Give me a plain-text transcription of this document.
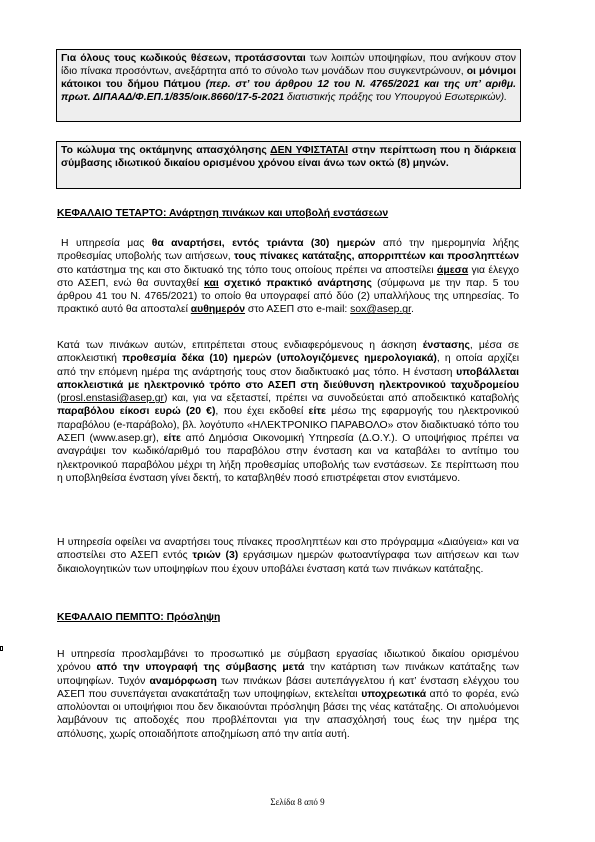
Για όλους τους κωδικούς θέσεων, προτάσσονται των λοιπών υποψηφίων, που ανήκουν στον ίδιο πίνακα προσόντων, ανεξάρτητα από το σύνολο των μονάδων που συγκεντρώνουν, οι μόνιμοι κάτοικοι του δήμου Πάτμου (περ. στ’ του άρθρου 12 του Ν. 4765/2021 και της υπ’ αριθμ. πρωτ. ΔΙΠΑΑΔ/Φ.ΕΠ.1/835/οικ.8660/17-5-2021 διατιστικής πράξης του Υπουργού Εσωτερικών).
Το κώλυμα της οκτάμηνης απασχόλησης ΔΕΝ ΥΦΙΣΤΑΤΑΙ στην περίπτωση που η διάρκεια σύμβασης ιδιωτικού δικαίου ορισμένου χρόνου είναι άνω των οκτώ (8) μηνών.
ΚΕΦΑΛΑΙΟ ΤΕΤΑΡΤΟ: Ανάρτηση πινάκων και υποβολή ενστάσεων
Η υπηρεσία μας θα αναρτήσει, εντός τριάντα (30) ημερών από την ημερομηνία λήξης προθεσμίας υποβολής των αιτήσεων, τους πίνακες κατάταξης, απορριπτέων και προσληπτέων στο κατάστημα της και στο δικτυακό της τόπο τους οποίους πρέπει να αποστείλει άμεσα για έλεγχο στο ΑΣΕΠ, ενώ θα συνταχθεί και σχετικό πρακτικό ανάρτησης (σύμφωνα με την παρ. 5 του άρθρου 41 του Ν. 4765/2021) το οποίο θα υπογραφεί από δύο (2) υπαλλήλους της υπηρεσίας. Το πρακτικό αυτό θα αποσταλεί αυθημερόν στο ΑΣΕΠ στο e-mail: sox@asep.gr.
Κατά των πινάκων αυτών, επιτρέπεται στους ενδιαφερόμενους η άσκηση ένστασης, μέσα σε αποκλειστική προθεσμία δέκα (10) ημερών (υπολογιζόμενες ημερολογιακά), η οποία αρχίζει από την επόμενη ημέρα της ανάρτησής τους στον διαδικτυακό μας τόπο. Η ένσταση υποβάλλεται αποκλειστικά με ηλεκτρονικό τρόπο στο ΑΣΕΠ στη διεύθυνση ηλεκτρονικού ταχυδρομείου (prosl.enstasi@asep.gr) και, για να εξεταστεί, πρέπει να συνοδεύεται από αποδεικτικό καταβολής παραβόλου είκοσι ευρώ (20 €), που έχει εκδοθεί είτε μέσω της εφαρμογής του ηλεκτρονικού παραβόλου (e-παράβολο), βλ. λογότυπο «ΗΛΕΚΤΡΟΝΙΚΟ ΠΑΡΑΒΟΛΟ» στον διαδικτυακό τόπο του ΑΣΕΠ (www.asep.gr), είτε από Δημόσια Οικονομική Υπηρεσία (Δ.Ο.Υ.). Ο υποψήφιος πρέπει να αναγράψει τον κωδικό/αριθμό του παραβόλου στην ένσταση και να καταβάλει το αντίτιμο του ηλεκτρονικού παραβόλου μέχρι τη λήξη προθεσμίας υποβολής των ενστάσεων. Σε περίπτωση που η υποβληθείσα ένσταση γίνει δεκτή, το καταβληθέν ποσό επιστρέφεται στον ενιστάμενο.
Η υπηρεσία οφείλει να αναρτήσει τους πίνακες προσληπτέων και στο πρόγραμμα «Διαύγεια» και να αποστείλει στο ΑΣΕΠ εντός τριών (3) εργάσιμων ημερών φωτοαντίγραφα των αιτήσεων και των δικαιολογητικών των υποψηφίων που έχουν υποβάλει ένσταση κατά των πινάκων κατάταξης.
ΚΕΦΑΛΑΙΟ ΠΕΜΠΤΟ: Πρόσληψη
Η υπηρεσία προσλαμβάνει το προσωπικό με σύμβαση εργασίας ιδιωτικού δικαίου ορισμένου χρόνου από την υπογραφή της σύμβασης μετά την κατάρτιση των πινάκων κατάταξης των υποψηφίων. Τυχόν αναμόρφωση των πινάκων βάσει αυτεπάγγελτου ή κατ’ ένσταση ελέγχου του ΑΣΕΠ που συνεπάγεται ανακατάταξη των υποψηφίων, εκτελείται υποχρεωτικά από το φορέα, ενώ απολύονται οι υποψήφιοι που δεν δικαιούνται πρόσληψη βάσει της νέας κατάταξης. Οι απολυόμενοι λαμβάνουν τις αποδοχές που προβλέπονται για την απασχόλησή τους έως την ημέρα της απόλυσης, χωρίς οποιαδήποτε αποζημίωση από την αιτία αυτή.
Σελίδα 8 από 9
